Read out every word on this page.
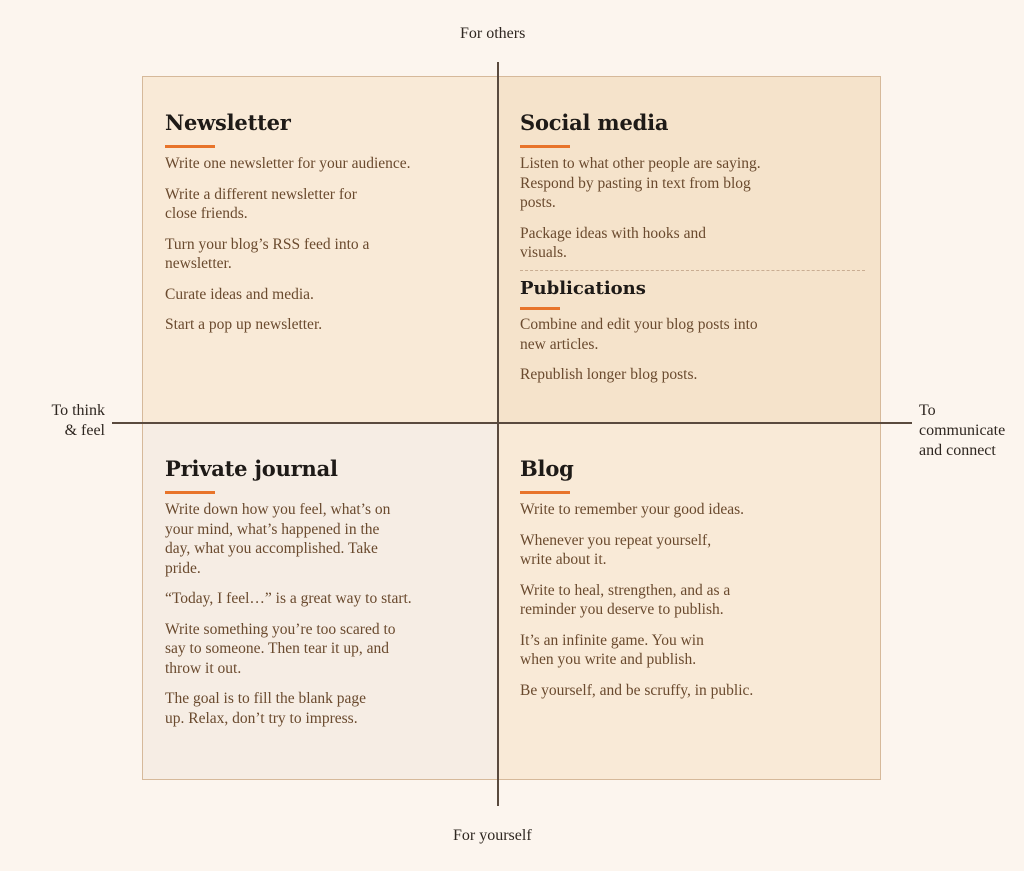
For others
For yourself
To think
& feel
To
communicate
and connect
Newsletter

Write one newsletter for your audience.

Write a different newsletter for close friends.

Turn your blog’s RSS feed into a newsletter.

Curate ideas and media.

Start a pop up newsletter.

Social media

Listen to what other people are saying. Respond by pasting in text from blog posts.

Package ideas with hooks and visuals.

Publications

Combine and edit your blog posts into new articles.

Republish longer blog posts.

Private journal

Write down how you feel, what’s on your mind, what’s happened in the day, what you accomplished. Take pride.

“Today, I feel…” is a great way to start.

Write something you’re too scared to say to someone. Then tear it up, and throw it out.

The goal is to fill the blank page up. Relax, don’t try to impress.

Blog

Write to remember your good ideas.

Whenever you repeat yourself, write about it.

Write to heal, strengthen, and as a reminder you deserve to publish.

It’s an infinite game. You win when you write and publish.

Be yourself, and be scruffy, in public.
